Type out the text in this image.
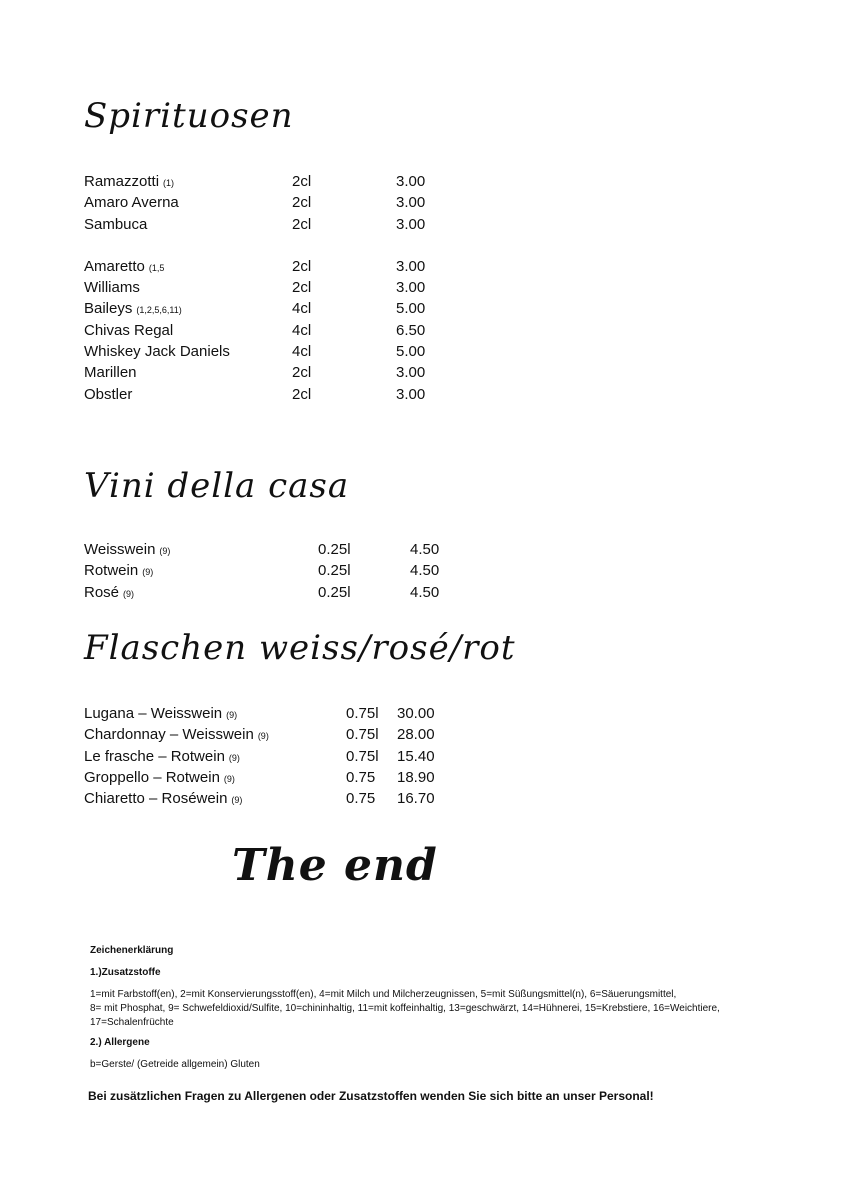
Spirituosen
Ramazzotti (1)	2cl	3.00
Amaro Averna	2cl	3.00
Sambuca	2cl	3.00
Amaretto (1,5	2cl	3.00
Williams	2cl	3.00
Baileys (1,2,5,6,11)	4cl	5.00
Chivas Regal	4cl	6.50
Whiskey Jack Daniels	4cl	5.00
Marillen	2cl	3.00
Obstler	2cl	3.00
Vini della casa
Weisswein (9)	0.25l	4.50
Rotwein (9)	0.25l	4.50
Rosé (9)	0.25l	4.50
Flaschen weiss/rosé/rot
Lugana – Weisswein (9)	0.75l 30.00
Chardonnay – Weisswein (9)	0.75l 28.00
Le frasche – Rotwein (9)	0.75l 15.40
Groppello – Rotwein (9)	0.75 18.90
Chiaretto – Roséwein (9)	0.75 16.70
The end

Zeichenerklärung

1.)Zusatzstoffe

1=mit Farbstoff(en), 2=mit Konservierungsstoff(en), 4=mit Milch und Milcherzeugnissen, 5=mit Süßungsmittel(n), 6=Säuerungsmittel,

8= mit Phosphat, 9= Schwefeldioxid/Sulfite, 10=chininhaltig, 11=mit koffeinhaltig, 13=geschwärzt, 14=Hühnerei, 15=Krebstiere, 16=Weichtiere,

17=Schalenfrüchte

2.) Allergene

b=Gerste/ (Getreide allgemein) Gluten

Bei zusätzlichen Fragen zu Allergenen oder Zusatzstoffen wenden Sie sich bitte an unser Personal!
